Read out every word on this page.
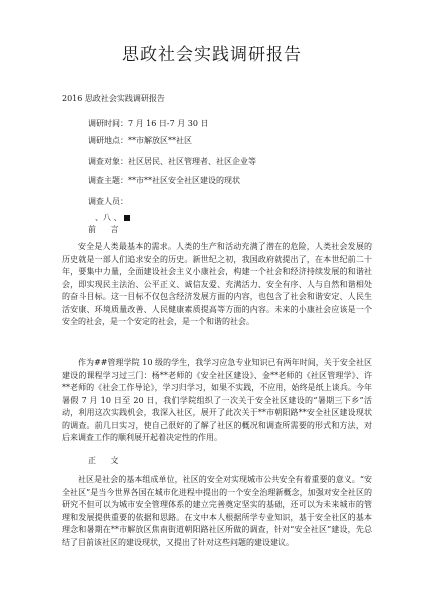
思政社会实践调研报告
2016 思政社会实践调研报告
调研时间：7 月 16 日-7 月 30 日
调研地点：**市解放区**社区
调查对象：社区居民、社区管理者、社区企业等
调查主题：**市**社区安全社区建设的现状
调查人员：
、八 、
前 言
安全是人类最基本的需求。人类的生产和活动充满了潜在的危险，人类社会发展的历史就是一部人们追求安全的历史。新世纪之初，我国政府就提出了，在本世纪前二十年，要集中力量，全面建设社会主义小康社会，构建一个社会和经济持续发展的和谐社会，即实现民主法治、公平正义、诚信友爱、充满活力、安全有序、人与自然和谐相处的奋斗目标。这一目标不仅包含经济发展方面的内容，也包含了社会和谐安定、人民生活安康、环境质量改善、人民健康素质提高等方面的内容。未来的小康社会应该是一个安全的社会，是一个安定的社会，是一个和谐的社会。
作为##管理学院 10 级的学生，我学习应急专业知识已有两年时间，关于安全社区建设的课程学习过三门：杨**老师的《安全社区建设》、金**老师的《社区管理学》、许**老师的《社会工作导论》，学习归学习，如果不实践，不应用，始终是纸上谈兵。今年暑假 7 月 10 日至 20 日，我们学院组织了一次关于安全社区建设的“暑期三下乡”活动，利用这次实践机会，我深入社区，展开了此次关于**市朝阳路**安全社区建设现状的调查。前几日实习，使自己很好的了解了社区的概况和调查所需要的形式和方法，对后来调查工作的顺利展开起着决定性的作用。
正 文
社区是社会的基本组成单位，社区的安全对实现城市公共安全有着重要的意义。“安全社区”是当今世界各国在城市化进程中提出的一个安全治理新概念，加强对安全社区的研究不但可以为城市安全管理体系的建立完善奠定坚实的基础，还可以为未来城市的管理和发展提供重要的依据和思路。在文中本人根据所学专业知识，基于安全社区的基本理念和暑期在**市解放区焦南街道朝阳路社区所做的调查，针对“安全社区”建设，先总结了目前该社区的建设现状，又提出了针对这些问题的建设建议。
